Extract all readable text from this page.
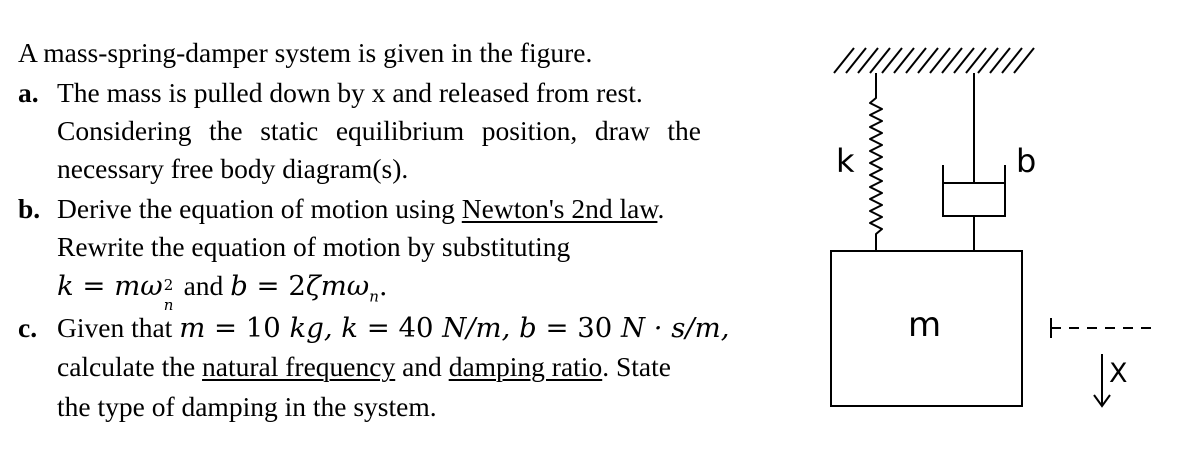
A mass-spring-damper system is given in the figure.
a. The mass is pulled down by x and released from rest.
Considering the static equilibrium position, draw the
necessary free body diagram(s).
b. Derive the equation of motion using Newton's 2nd law.
Rewrite the equation of motion by substituting
k = mω 2
n
and b = 2ζmω$_n$.
c. Given that m = 10 kg, k = 40 N/m, b = 30 N · s/m,
calculate the natural frequency and damping ratio. State
the type of damping in the system.
k	b
m
X
